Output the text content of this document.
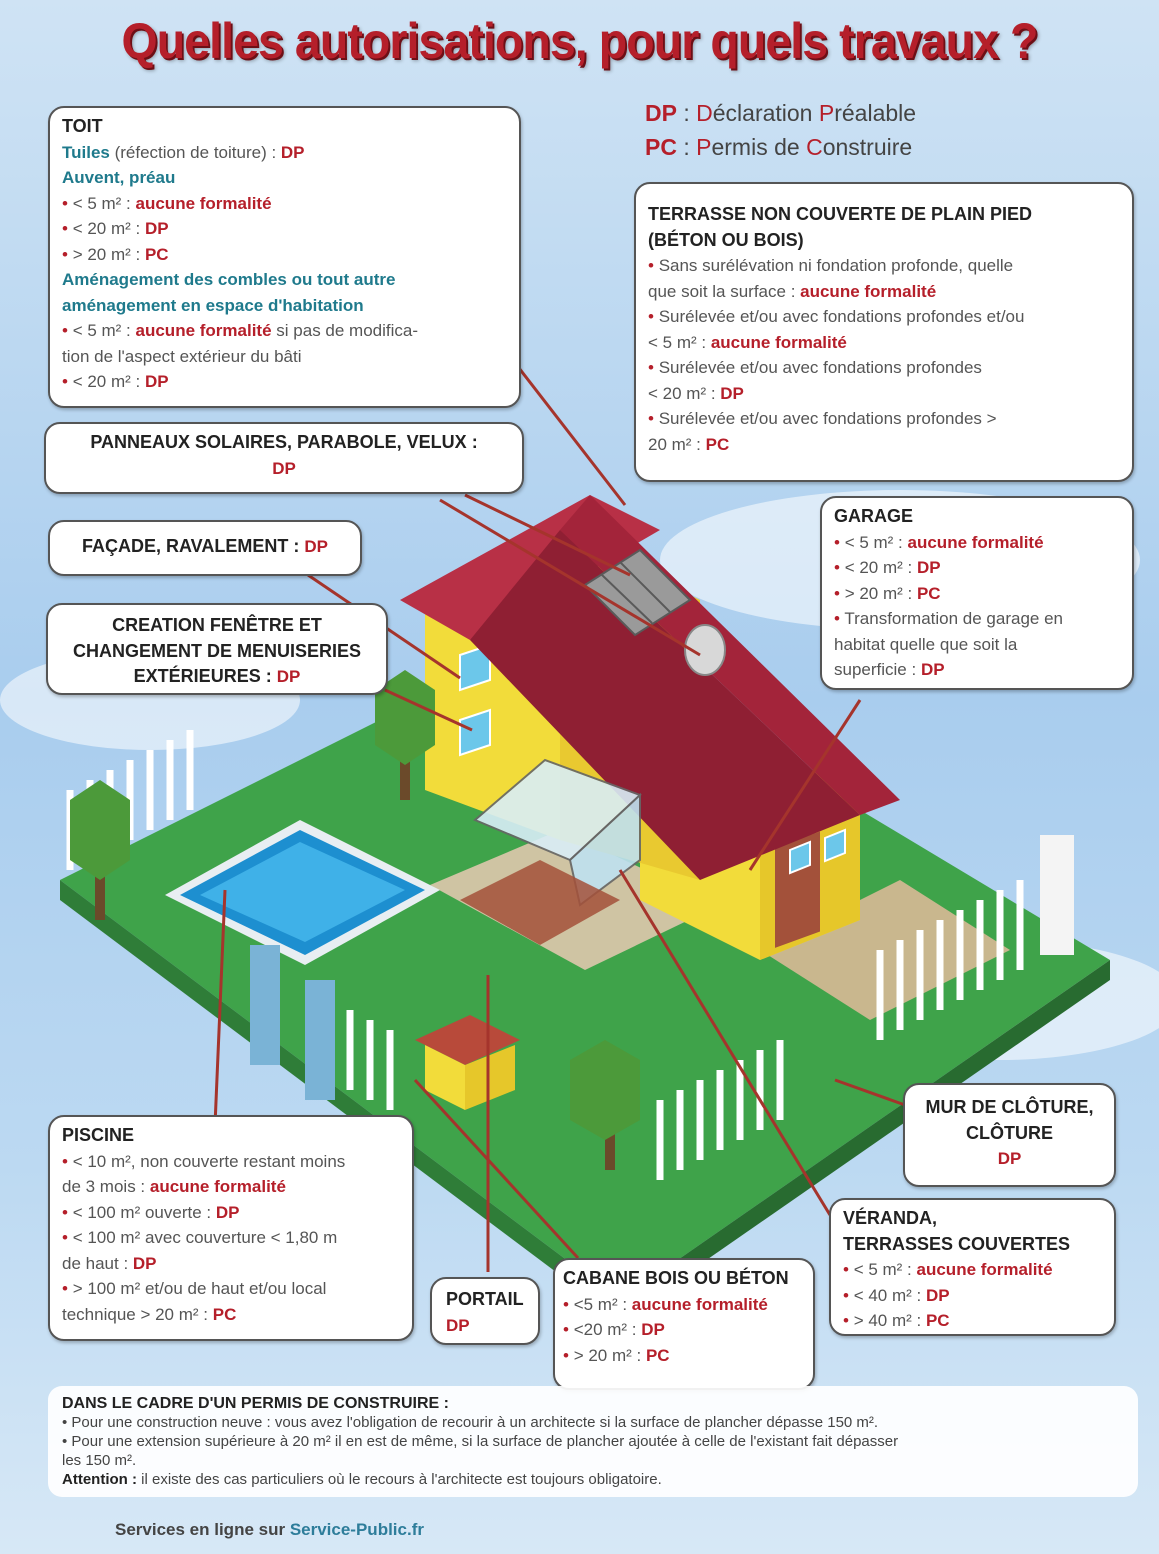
Quelles autorisations, pour quels travaux ?
DP : Déclaration Préalable
PC : Permis de Construire
TOIT
Tuiles (réfection de toiture) : DP
Auvent, préau
• < 5 m² : aucune formalité
• < 20 m² : DP
• > 20 m² : PC
Aménagement des combles ou tout autre
aménagement en espace d'habitation
• < 5 m² : aucune formalité si pas de modifica-
tion de l'aspect extérieur du bâti
• < 20 m² : DP
TERRASSE NON COUVERTE DE PLAIN PIED
(BÉTON OU BOIS)
• Sans surélévation ni fondation profonde, quelle
que soit la surface : aucune formalité
• Surélevée et/ou avec fondations profondes et/ou
< 5 m² : aucune formalité
• Surélevée et/ou avec fondations profondes
< 20 m² : DP
• Surélevée et/ou avec fondations profondes >
20 m² : PC
PANNEAUX SOLAIRES, PARABOLE, VELUX :
DP
FAÇADE, RAVALEMENT : DP
CREATION FENÊTRE ET
CHANGEMENT DE MENUISERIES
EXTÉRIEURES : DP
GARAGE
• < 5 m² : aucune formalité
• < 20 m² : DP
• > 20 m² : PC
• Transformation de garage en
habitat quelle que soit la
superficie : DP
MUR DE CLÔTURE,
CLÔTURE
DP
VÉRANDA,
TERRASSES COUVERTES
• < 5 m² : aucune formalité
• < 40 m² : DP
• > 40 m² : PC
PISCINE
• < 10 m², non couverte restant moins
de 3 mois : aucune formalité
• < 100 m² ouverte : DP
• < 100 m² avec couverture < 1,80 m
de haut : DP
• > 100 m² et/ou de haut et/ou local
technique > 20 m² : PC
PORTAIL
DP
CABANE BOIS OU BÉTON
• <5 m² : aucune formalité
• <20 m² : DP
• > 20 m² : PC
DANS LE CADRE D'UN PERMIS DE CONSTRUIRE :
• Pour une construction neuve : vous avez l'obligation de recourir à un architecte si la surface de plancher dépasse 150 m².
• Pour une extension supérieure à 20 m² il en est de même, si la surface de plancher ajoutée à celle de l'existant fait dépasser
les 150 m².
Attention : il existe des cas particuliers où le recours à l'architecte est toujours obligatoire.
Services en ligne sur Service-Public.fr
